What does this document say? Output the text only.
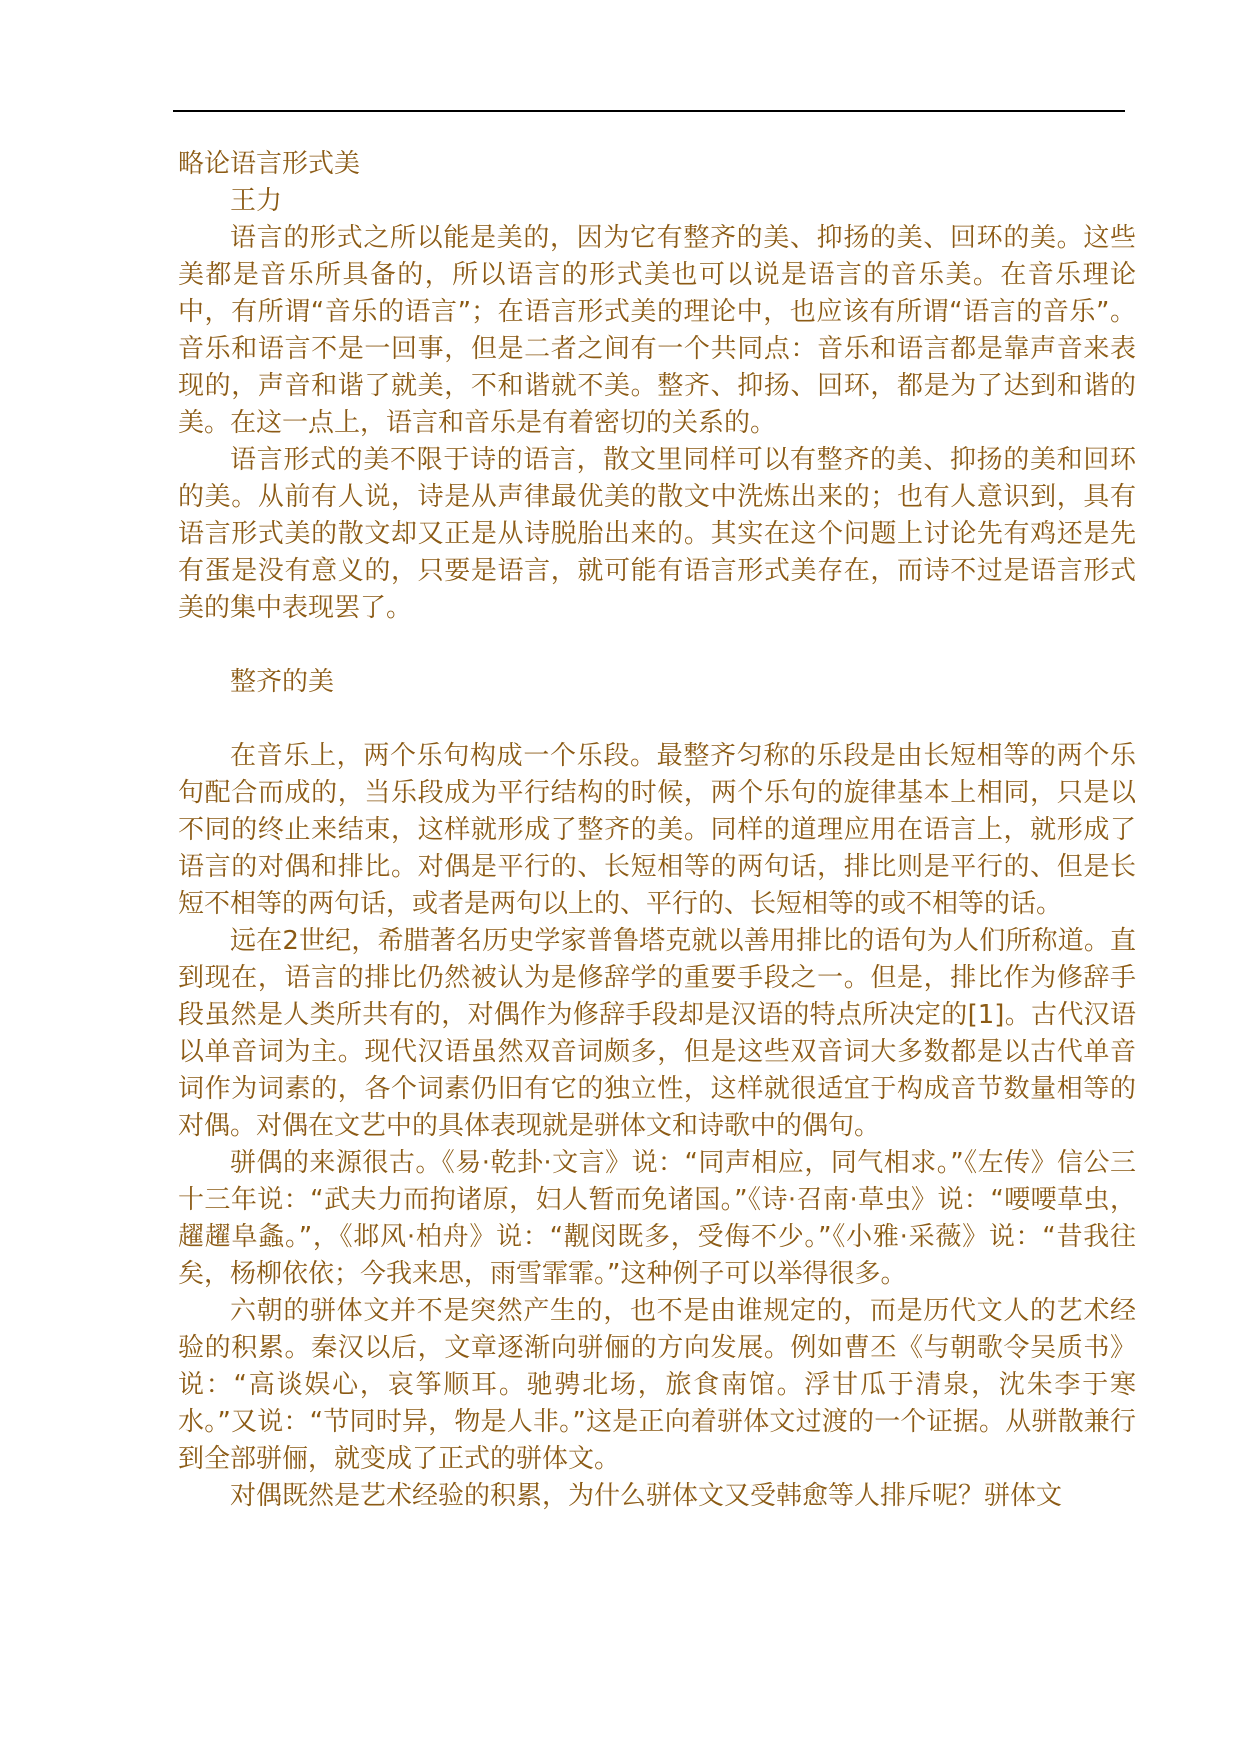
略论语言形式美

王力

语言的形式之所以能是美的，因为它有整齐的美、抑扬的美、回环的美。这些美都是音乐所具备的，所以语言的形式美也可以说是语言的音乐美。在音乐理论中，有所谓“音乐的语言”；在语言形式美的理论中，也应该有所谓“语言的音乐”。音乐和语言不是一回事，但是二者之间有一个共同点：音乐和语言都是靠声音来表现的，声音和谐了就美，不和谐就不美。整齐、抑扬、回环，都是为了达到和谐的美。在这一点上，语言和音乐是有着密切的关系的。

语言形式的美不限于诗的语言，散文里同样可以有整齐的美、抑扬的美和回环的美。从前有人说，诗是从声律最优美的散文中洗炼出来的；也有人意识到，具有语言形式美的散文却又正是从诗脱胎出来的。其实在这个问题上讨论先有鸡还是先有蛋是没有意义的，只要是语言，就可能有语言形式美存在，而诗不过是语言形式美的集中表现罢了。

整齐的美

在音乐上，两个乐句构成一个乐段。最整齐匀称的乐段是由长短相等的两个乐句配合而成的，当乐段成为平行结构的时候，两个乐句的旋律基本上相同，只是以不同的终止来结束，这样就形成了整齐的美。同样的道理应用在语言上，就形成了语言的对偶和排比。对偶是平行的、长短相等的两句话，排比则是平行的、但是长短不相等的两句话，或者是两句以上的、平行的、长短相等的或不相等的话。

远在2世纪，希腊著名历史学家普鲁塔克就以善用排比的语句为人们所称道。直到现在，语言的排比仍然被认为是修辞学的重要手段之一。但是，排比作为修辞手段虽然是人类所共有的，对偶作为修辞手段却是汉语的特点所决定的[1]。古代汉语以单音词为主。现代汉语虽然双音词颇多，但是这些双音词大多数都是以古代单音词作为词素的，各个词素仍旧有它的独立性，这样就很适宜于构成音节数量相等的对偶。对偶在文艺中的具体表现就是骈体文和诗歌中的偶句。

骈偶的来源很古。《易·乾卦·文言》说：“同声相应，同气相求。”《左传》信公三十三年说：“武夫力而拘诸原，妇人暂而免诸国。”《诗·召南·草虫》说：“喓喓草虫，趯趯阜螽。”，《邶风·柏舟》说：“觏闵既多，受侮不少。”《小雅·采薇》说：“昔我往矣，杨柳依依；今我来思，雨雪霏霏。”这种例子可以举得很多。

六朝的骈体文并不是突然产生的，也不是由谁规定的，而是历代文人的艺术经验的积累。秦汉以后，文章逐渐向骈俪的方向发展。例如曹丕《与朝歌令吴质书》说：“高谈娱心，哀筝顺耳。驰骋北场，旅食南馆。浮甘瓜于清泉，沈朱李于寒水。”又说：“节同时异，物是人非。”这是正向着骈体文过渡的一个证据。从骈散兼行到全部骈俪，就变成了正式的骈体文。

对偶既然是艺术经验的积累，为什么骈体文又受韩愈等人排斥呢？骈体文
